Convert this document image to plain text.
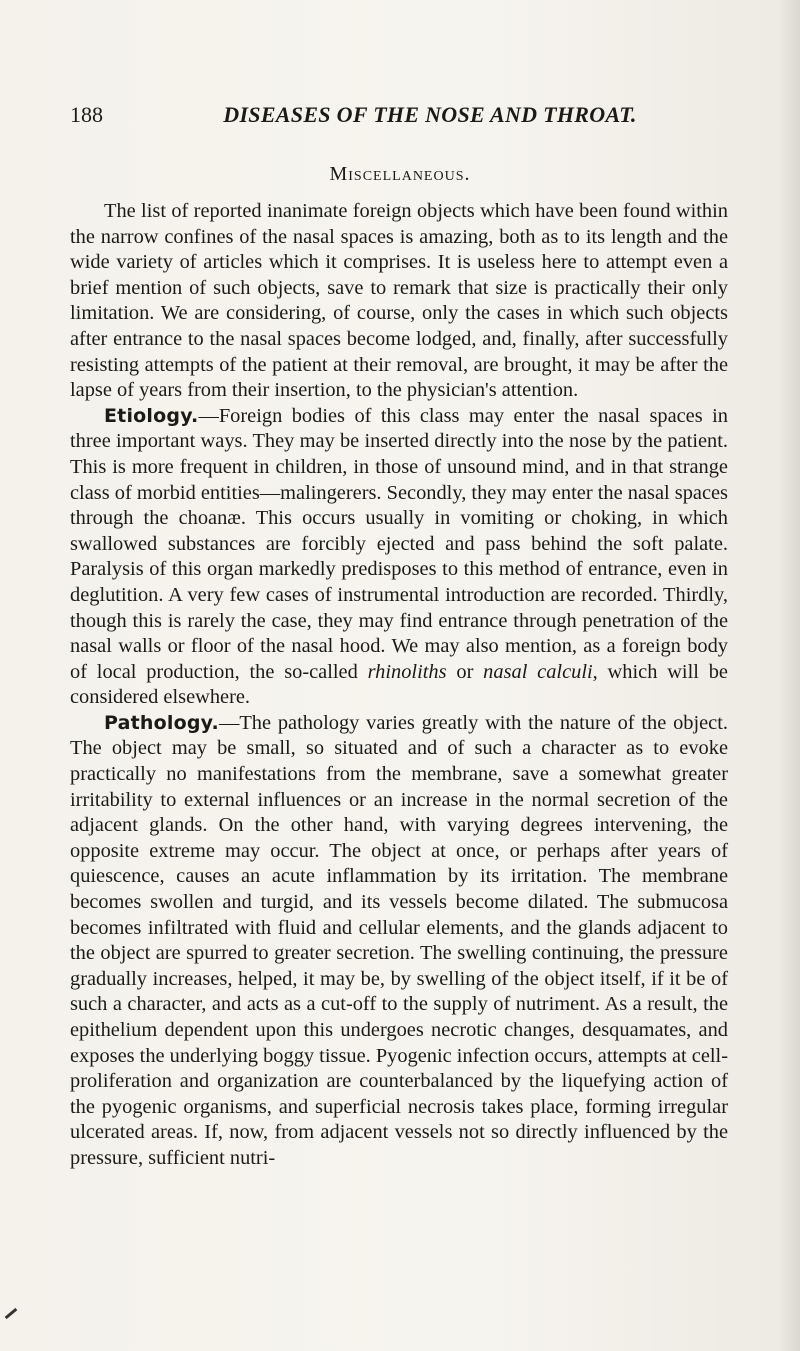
188	DISEASES OF THE NOSE AND THROAT.
Miscellaneous.

The list of reported inanimate foreign objects which have been found within the narrow confines of the nasal spaces is amazing, both as to its length and the wide variety of articles which it comprises. It is useless here to attempt even a brief mention of such objects, save to remark that size is practically their only limitation. We are considering, of course, only the cases in which such objects after entrance to the nasal spaces become lodged, and, finally, after successfully resisting attempts of the patient at their removal, are brought, it may be after the lapse of years from their insertion, to the physician's attention.

Etiology.—Foreign bodies of this class may enter the nasal spaces in three important ways. They may be inserted directly into the nose by the patient. This is more frequent in children, in those of unsound mind, and in that strange class of morbid entities—malingerers. Secondly, they may enter the nasal spaces through the choanæ. This occurs usually in vomiting or choking, in which swallowed substances are forcibly ejected and pass behind the soft palate. Paralysis of this organ markedly predisposes to this method of entrance, even in deglutition. A very few cases of instrumental introduction are recorded. Thirdly, though this is rarely the case, they may find entrance through penetration of the nasal walls or floor of the nasal hood. We may also mention, as a foreign body of local production, the so-called rhinoliths or nasal calculi, which will be considered elsewhere.

Pathology.—The pathology varies greatly with the nature of the object. The object may be small, so situated and of such a character as to evoke practically no manifestations from the membrane, save a somewhat greater irritability to external influences or an increase in the normal secretion of the adjacent glands. On the other hand, with varying degrees intervening, the opposite extreme may occur. The object at once, or perhaps after years of quiescence, causes an acute inflammation by its irritation. The membrane becomes swollen and turgid, and its vessels become dilated. The submucosa becomes infiltrated with fluid and cellular elements, and the glands adjacent to the object are spurred to greater secretion. The swelling continuing, the pressure gradually increases, helped, it may be, by swelling of the object itself, if it be of such a character, and acts as a cut-off to the supply of nutriment. As a result, the epithelium dependent upon this undergoes necrotic changes, desquamates, and exposes the underlying boggy tissue. Pyogenic infection occurs, attempts at cell-proliferation and organization are counterbalanced by the liquefying action of the pyogenic organisms, and superficial necrosis takes place, forming irregular ulcerated areas. If, now, from adjacent vessels not so directly influenced by the pressure, sufficient nutri-
